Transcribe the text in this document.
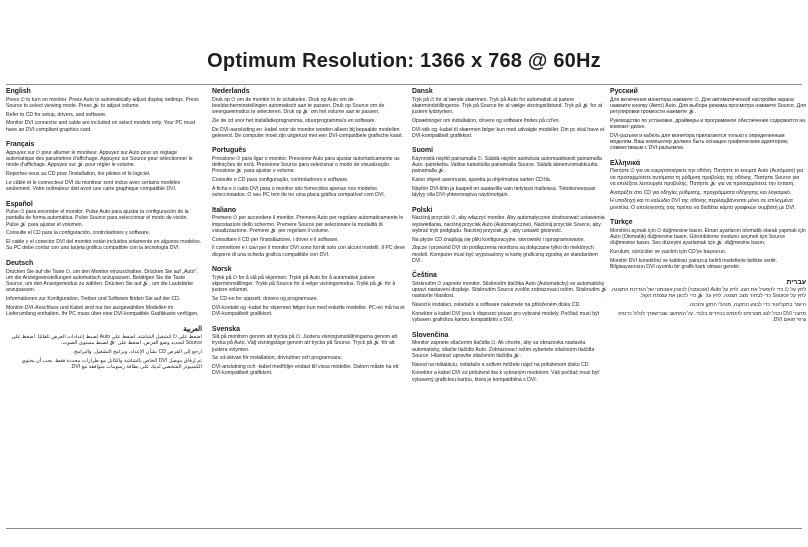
Optimum Resolution: 1366 x 768 @ 60Hz
English

Press ⏻ to turn on monitor. Press Auto to automatically adjust display settings. Press Source to select viewing mode. Press 🔊 to adjust volume.

Refer to CD for setup, drivers, and software.

Monitor DVI connector and cable are included on select models only. Your PC must have an DVI-compliant graphics card.

Français

Appuyez sur ⏻ pour allumer le moniteur. Appuyez sur Auto pour un réglage automatique des paramètres d'affichage. Appuyez sur Source pour sélectionner le mode d'affichage. Appuyez sur 🔊 pour régler le volume.

Reportez-vous au CD pour l'installation, les pilotes et le logiciel.

Le câble et le connecteur DVI du moniteur sont inclus avec certains modèles seulement. Votre ordinateur doit avoir une carte graphique compatible DVI.

Español

Pulse ⏻ para encender el monitor. Pulse Auto para ajustar la configuración de la pantalla de forma automática. Pulse Source para seleccionar el modo de visión. Pulse 🔊 para ajustar el volumen.

Consulte el CD para la configuración, controladores y software.

El cable y el conector DVI del monitor están incluidos solamente en algunos modelos. Su PC debe contar con una tarjeta gráfica compatible con la tecnología DVI.

Deutsch

Drücken Sie auf die Taste ⏻, um den Monitor einzuschalten. Drücken Sie auf „Auto", um die Anzeigeeinstellungen automatisch anzupassen. Betätigen Sie die Taste Source, um den Anzeigemodus zu wählen. Drücken Sie auf 🔊, um die Lautstärke anzupassen.

Informationen zur Konfiguration, Treiber und Software finden Sie auf der CD.

Monitor-DVI-Anschluss und Kabel sind nur bei ausgewählten Modellen im Lieferumfang enthalten. Ihr PC muss über eine DVI-kompatible Grafikkarte verfügen.

العربية

اضغط على ⏻ لتشغيل الشاشة. اضغط على Auto لضبط إعدادات العرض تلقائيًا. اضغط على Source لتحديد وضع العرض. اضغط على 🔊 لضبط مستوى الصوت.

ارجع إلى القرص CD بشأن الإعداد، وبرامج التشغيل، والبرامج.

تم إرفاق موصل DVI الخاص بالشاشة والكابل مع طرازات محددة فقط. يجب أن يحتوي الكمبيوتر الشخصي لديك على بطاقة رسومات متوافقة مع DVI.

Nederlands

Druk op ⏻ om de monitor in te schakelen. Druk op Auto om de beeldscherminstellingen automatisch aan te passen. Druk op Source om de weergavemodus te selecteren. Druk op 🔊 om het volume aan te passen.

Zie de cd voor het installatieprogramma, stuurprogramma's en software.

De DVI-aansluiting en -kabel voor de monitor worden alleen bij bepaalde modellen geleverd. De computer moet zijn uitgerust met een DVI-compatibele grafische kaart.

Português

Pressione ⏻ para ligar o monitor. Pressione Auto para ajustar automaticamente as definições do ecrã. Pressione Source para selecionar o modo de visualização. Pressione 🔊 para ajustar o volume.

Consulte o CD para configuração, controladores e software.

A ficha e o cabo DVI para o monitor são fornecidos apenas nos modelos seleccionados. O seu PC tem de ter uma placa gráfica compatível com DVI.

Italiano

Premere ⏻ per accendere il monitor. Premere Auto per regolare automaticamente le impostazioni dello schermo. Premere Source per selezionare la modalità di visualizzazione. Premere 🔊 per regolare il volume.

Consultare il CD per l'installazione, i driver e il software.

Il connettore e i cavi per il monitor DVI sono forniti solo con alcuni modelli. Il PC deve disporre di una scheda grafica compatibile con DVI.

Norsk

Trykk på ⏻ for å slå på skjermen. Trykk på Auto for å automatisk justere skjerminnstillinger. Trykk på Source for å velge visningsmodus. Trykk på 🔊 for å justere volumet.

Se CD-en for oppsett, drivere og programvare.

DVI-kontakt og -kabel for skjermen følger kun med enkelte modeller. PC-en må ha et DVI-kompatibelt grafikkort.

Svenska

Slå på monitorn genom att trycka på ⏻. Justera visningsinställningarna genom att trycka på Auto. Välj visningsläge genom att trycka på Source. Tryck på 🔊 för att justera volymen.

Se cd-skivan för installation, drivrutiner och programvara.

DVI-anslutning och -kabel medföljer endast till vissa modeller. Datorn måste ha ett DVI-kompatibelt grafikkort.

Dansk

Tryk på ⏻ for at tænde skærmen. Tryk på Auto for automatisk at justere skærmindstillingerne. Tryk på Source for at vælge visningstilstand. Tryk på 🔊 for at justere lydstyrken.

Opsætninger om installation, drivere og software findes på cd'en.

DVI-stik og -kabel til skærmen følger kun med udvalgte modeller. Din pc skal have et DVI-kompatibelt grafikkort.

Suomi

Käynnistä näyttö painamalla ⏻. Säädä näytön asetuksia automaattisesti painamalla Auto -painiketta. Valitse katselutila painamalla Source. Säädä äänenvoimakkuutta painamalla 🔊.

Katso ohjeet asennusta, ajureita ja ohjelmistoa varten CD:ltä.

Näytön DVI-liitin ja kaapeli on saatavilla vain tietyissä malleissa. Tietokoneessasi täytyy olla DVI-yhteensopiva näytönohjain.

Polski

Naciśnij przycisk ⏻, aby włączyć monitor. Aby automatycznie dostosować ustawienia wyświetlania, naciśnij przycisk Auto (Automatycznie). Naciśnij przycisk Source, aby wybrać tryb podglądu. Naciśnij przycisk 🔊, aby ustawić głośność.

Na płycie CD znajdują się pliki konfiguracyjne, sterowniki i oprogramowanie.

Złącze i przewód DVI do podłączenia monitora są dołączane tylko do niektórych modeli. Komputer musi być wyposażony w kartę graficzną zgodną ze standardem DVI.

Čeština

Stisknutím ⏻ zapnete monitor. Stisknutím tlačítka Auto (Automaticky) se automaticky upraví nastavení displeje. Stisknutím Source zvolíte zobrazovací režim. Stisknutím 🔊 nastavíte hlasitost.

Návod k instalaci, ovladače a software naleznete na přiloženém disku CD.

Konektor a kabel DVI jsou k dispozici pouze pro vybrané modely. Počítač musí být vybaven grafickou kartou kompatibilní s DVI.

Slovenčina

Monitor zapnete stlačením tlačidla ⏻. Ak chcete, aby sa obrazovka nastavila automaticky, stlačte tlačidlo Auto. Zobrazovací režim vyberiete stlačením tlačidla Source. Hlasitosť upravíte stlačením tlačidla 🔊.

Návod na inštaláciu, ovládače a softvér môžete nájsť na priloženom disku CD.

Konektor a kábel DVI sú priložené iba k vybraným modelom. Váš počítač musí byť vybavený grafickou kartou, ktorá je kompatibilná s DVI.

Русский

Для включения монитора нажмите ⏻. Для автоматической настройки экрана нажмите кнопку (Авто) Auto. Для выбора режима просмотра нажмите Source. Для регулировки громкости нажмите 🔊.

Руководство по установке, драйверы и программное обеспечение содержатся на компакт-диске.

DVI-разъем и кабель для монитора прилагаются только к определенным моделям. Ваш компьютер должен быть оснащен графическим адаптером, совместимым с DVI-разъемом.

Ελληνικά

Πατήστε ⏻ για να ενεργοποιήσετε την οθόνη. Πατήστε το κουμπί Auto (Αυτόματο) για να προσαρμόσετε αυτόματα τη ρύθμιση προβολής της οθόνης. Πατήστε Source για να επιλέξετε λειτουργία προβολής. Πατήστε 🔊 για να προσαρμόσετε την ένταση.

Ανατρέξτε στο CD για οδηγίες ρύθμισης, προγράμματα οδήγησης και λογισμικό.

Η υποδοχή και το καλώδιο DVI της οθόνης περιλαμβάνονται μόνο σε επιλεγμένα μοντέλα. Ο υπολογιστής σας πρέπει να διαθέτει κάρτα γραφικών συμβατή με DVI.

Türkçe

Monitörü açmak için ⏻ düğmesine basın. Ekran ayarlarını otomatik olarak yapmak için Auto (Otomatik) düğmesine basın. Görüntüleme modunu seçmek için Source düğmesine basın. Ses düzeyini ayarlamak için 🔊 düğmesine basın.

Kurulum, sürücüler ve yazılım için CD'ye başvurun.

Monitör DVI konektörü ve kablosu yalnızca belirli modellerle birlikte verilir. Bilgisayarınızın DVI uyumlu bir grafik kartı olması gerekir.

עברית

לחץ על ⏻ כדי להפעיל את הצג. לחץ על Auto (אוטומטי) לכוונון אוטומטי של הגדרות התצוגה. לחץ על Source כדי לבחור מצב תצוגה. לחץ על 🔊 כדי לכוונן את עוצמת הקול.

היעזר בתקליטור כדי לבצע התקנה, מנהלי התקן ותוכנה.

מחבר DVI וכבל לצג מצורפים לדגמים נבחרים בלבד. על המחשב שברשותך לכלול כרטיס גרפי תואם DVI.
